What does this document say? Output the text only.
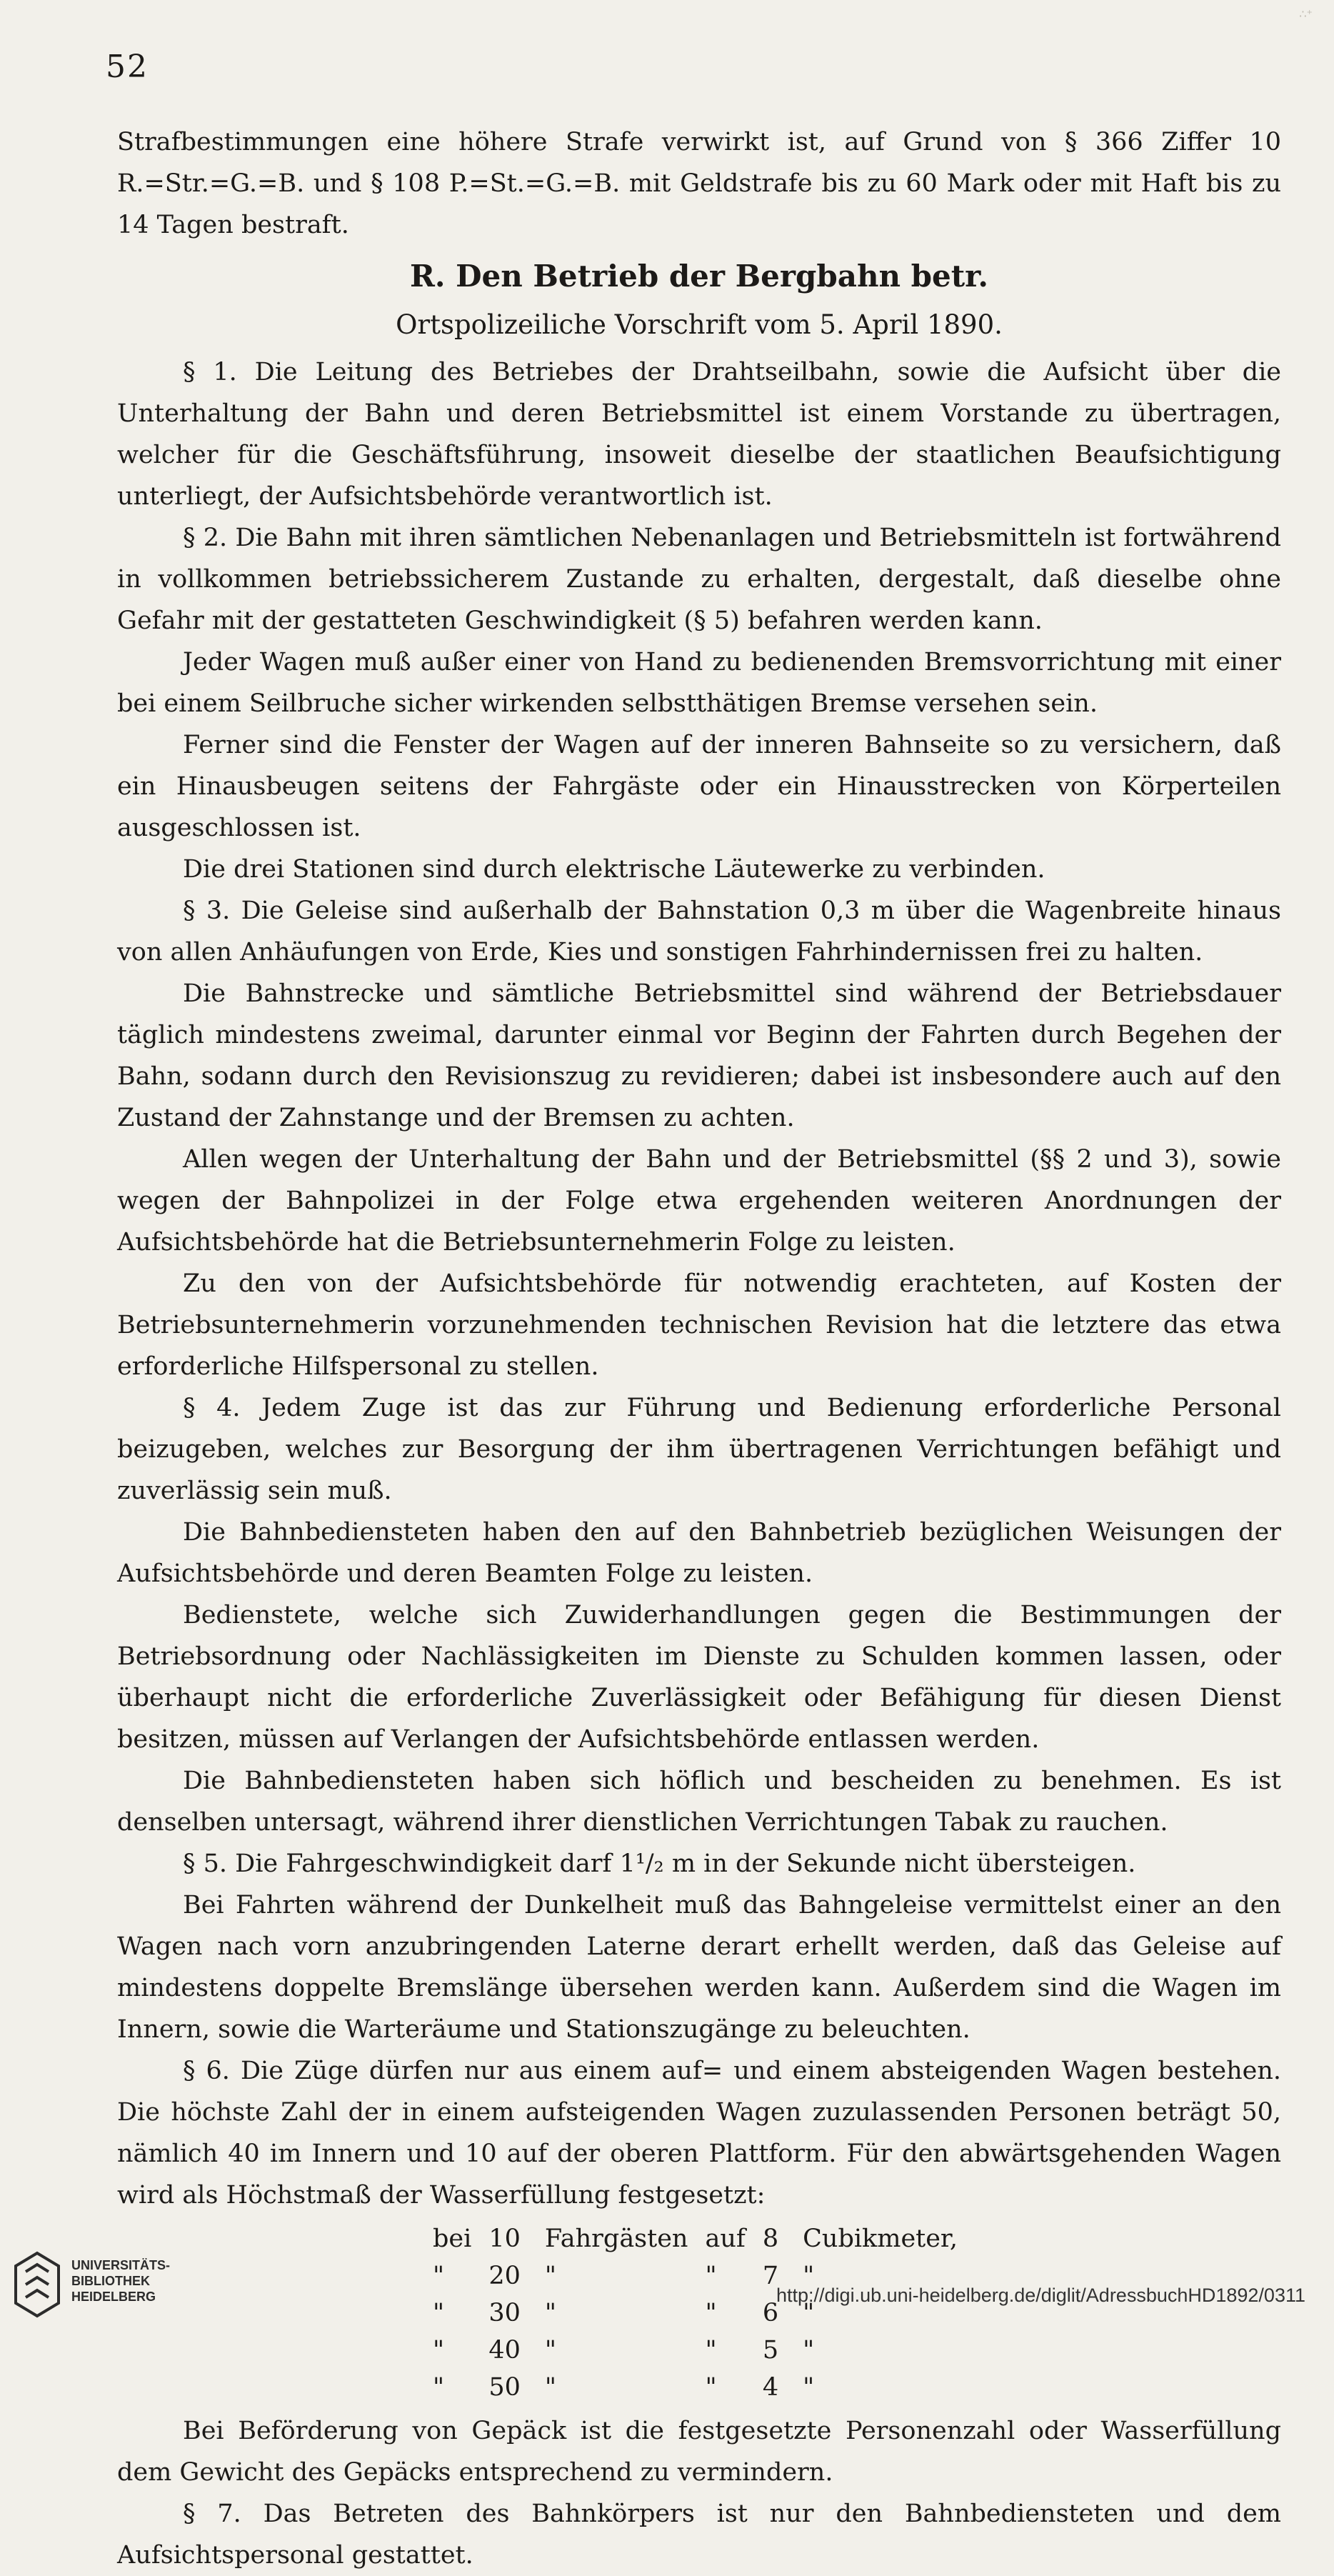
52
∴⁺

Strafbestimmungen eine höhere Strafe verwirkt ist, auf Grund von § 366 Ziffer 10 R.=Str.=G.=B. und § 108 P.=St.=G.=B. mit Geldstrafe bis zu 60 Mark oder mit Haft bis zu 14 Tagen bestraft.

R. Den Betrieb der Bergbahn betr.
Ortspolizeiliche Vorschrift vom 5. April 1890.

§ 1. Die Leitung des Betriebes der Drahtseilbahn, sowie die Aufsicht über die Unterhaltung der Bahn und deren Betriebsmittel ist einem Vorstande zu übertragen, welcher für die Geschäftsführung, insoweit dieselbe der staatlichen Beaufsichtigung unterliegt, der Aufsichtsbehörde verantwortlich ist.

§ 2. Die Bahn mit ihren sämtlichen Nebenanlagen und Betriebsmitteln ist fortwährend in vollkommen betriebssicherem Zustande zu erhalten, dergestalt, daß dieselbe ohne Gefahr mit der gestatteten Geschwindigkeit (§ 5) befahren werden kann.

Jeder Wagen muß außer einer von Hand zu bedienenden Bremsvorrichtung mit einer bei einem Seilbruche sicher wirkenden selbstthätigen Bremse versehen sein.

Ferner sind die Fenster der Wagen auf der inneren Bahnseite so zu versichern, daß ein Hinausbeugen seitens der Fahrgäste oder ein Hinausstrecken von Körperteilen ausgeschlossen ist.

Die drei Stationen sind durch elektrische Läutewerke zu verbinden.

§ 3. Die Geleise sind außerhalb der Bahnstation 0,3 m über die Wagenbreite hinaus von allen Anhäufungen von Erde, Kies und sonstigen Fahrhindernissen frei zu halten.

Die Bahnstrecke und sämtliche Betriebsmittel sind während der Betriebsdauer täglich mindestens zweimal, darunter einmal vor Beginn der Fahrten durch Begehen der Bahn, sodann durch den Revisionszug zu revidieren; dabei ist insbesondere auch auf den Zustand der Zahnstange und der Bremsen zu achten.

Allen wegen der Unterhaltung der Bahn und der Betriebsmittel (§§ 2 und 3), sowie wegen der Bahnpolizei in der Folge etwa ergehenden weiteren Anordnungen der Aufsichtsbehörde hat die Betriebsunternehmerin Folge zu leisten.

Zu den von der Aufsichtsbehörde für notwendig erachteten, auf Kosten der Betriebsunternehmerin vorzunehmenden technischen Revision hat die letztere das etwa erforderliche Hilfspersonal zu stellen.

§ 4. Jedem Zuge ist das zur Führung und Bedienung erforderliche Personal beizugeben, welches zur Besorgung der ihm übertragenen Verrichtungen befähigt und zuverlässig sein muß.

Die Bahnbediensteten haben den auf den Bahnbetrieb bezüglichen Weisungen der Aufsichtsbehörde und deren Beamten Folge zu leisten.

Bedienstete, welche sich Zuwiderhandlungen gegen die Bestimmungen der Betriebsordnung oder Nachlässigkeiten im Dienste zu Schulden kommen lassen, oder überhaupt nicht die erforderliche Zuverlässigkeit oder Befähigung für diesen Dienst besitzen, müssen auf Verlangen der Aufsichtsbehörde entlassen werden.

Die Bahnbediensteten haben sich höflich und bescheiden zu benehmen. Es ist denselben untersagt, während ihrer dienstlichen Verrichtungen Tabak zu rauchen.

§ 5. Die Fahrgeschwindigkeit darf 1¹/₂ m in der Sekunde nicht übersteigen.

Bei Fahrten während der Dunkelheit muß das Bahngeleise vermittelst einer an den Wagen nach vorn anzubringenden Laterne derart erhellt werden, daß das Geleise auf mindestens doppelte Bremslänge übersehen werden kann. Außerdem sind die Wagen im Innern, sowie die Warteräume und Stationszugänge zu beleuchten.

§ 6. Die Züge dürfen nur aus einem auf= und einem absteigenden Wagen bestehen. Die höchste Zahl der in einem aufsteigenden Wagen zuzulassenden Personen beträgt 50, nämlich 40 im Innern und 10 auf der oberen Plattform. Für den abwärtsgehenden Wagen wird als Höchstmaß der Wasserfüllung festgesetzt:

bei	10	Fahrgästen	auf	8	Cubikmeter,
"	20	"	"	7	"
"	30	"	"	6	"
"	40	"	"	5	"
"	50	"	"	4	"

Bei Beförderung von Gepäck ist die festgesetzte Personenzahl oder Wasserfüllung dem Gewicht des Gepäcks entsprechend zu vermindern.

§ 7. Das Betreten des Bahnkörpers ist nur den Bahnbediensteten und dem Aufsichtspersonal gestattet.

UNIVERSITÄTS-
BIBLIOTHEK
HEIDELBERG	http://digi.ub.uni-heidelberg.de/diglit/AdressbuchHD1892/0311
